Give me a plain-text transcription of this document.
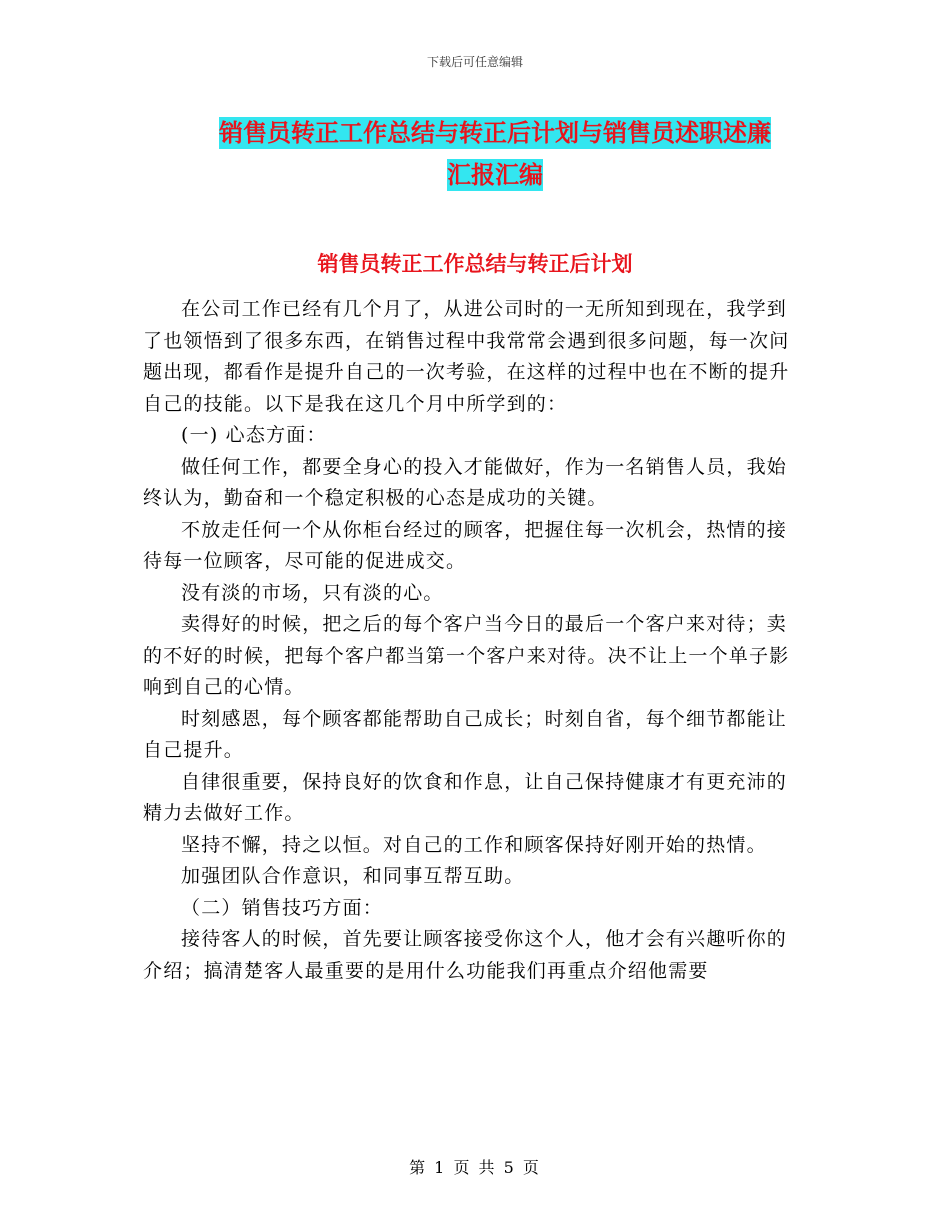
下载后可任意编辑
销售员转正工作总结与转正后计划与销售员述职述廉
汇报汇编
销售员转正工作总结与转正后计划

在公司工作已经有几个月了，从进公司时的一无所知到现在，我学到了也领悟到了很多东西，在销售过程中我常常会遇到很多问题，每一次问题出现，都看作是提升自己的一次考验，在这样的过程中也在不断的提升自己的技能。以下是我在这几个月中所学到的：

(一) 心态方面：

做任何工作，都要全身心的投入才能做好，作为一名销售人员，我始终认为，勤奋和一个稳定积极的心态是成功的关键。

不放走任何一个从你柜台经过的顾客，把握住每一次机会，热情的接待每一位顾客，尽可能的促进成交。

没有淡的市场，只有淡的心。

卖得好的时候，把之后的每个客户当今日的最后一个客户来对待；卖的不好的时候，把每个客户都当第一个客户来对待。决不让上一个单子影响到自己的心情。

时刻感恩，每个顾客都能帮助自己成长；时刻自省，每个细节都能让自己提升。

自律很重要，保持良好的饮食和作息，让自己保持健康才有更充沛的精力去做好工作。

坚持不懈，持之以恒。对自己的工作和顾客保持好刚开始的热情。

加强团队合作意识，和同事互帮互助。

（二）销售技巧方面：

接待客人的时候，首先要让顾客接受你这个人，他才会有兴趣听你的介绍；搞清楚客人最重要的是用什么功能我们再重点介绍他需要

第 1 页 共 5 页
